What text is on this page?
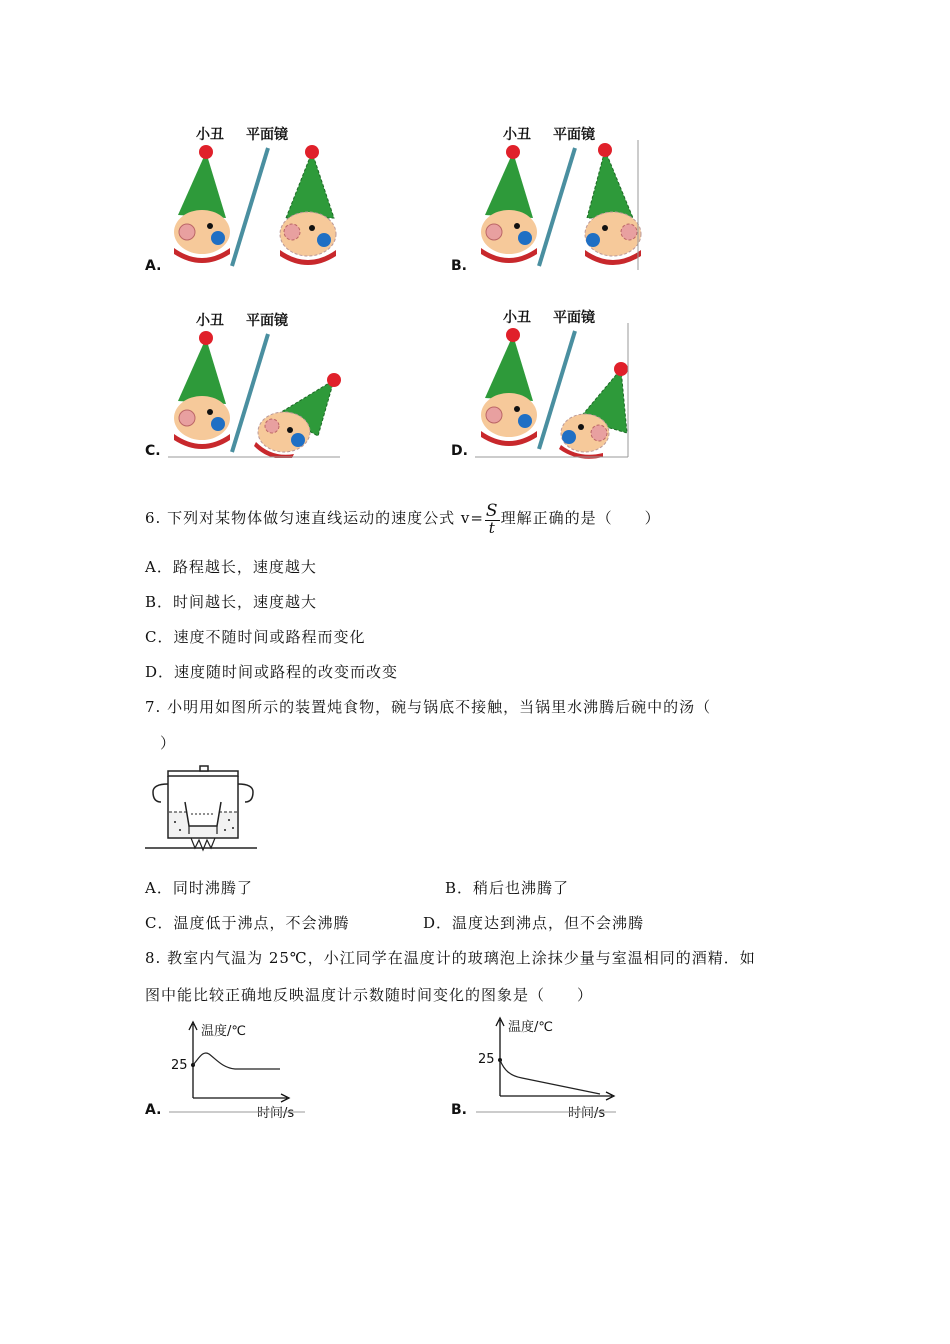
小丑 平面镜
A.
小丑 平面镜
B.
小丑 平面镜
C.
小丑 平面镜
D.
6. 下列对某物体做匀速直线运动的速度公式 $v= \frac{S}{t}$ 理解正确的是（　　）
A．路程越长，速度越大
B．时间越长，速度越大
C．速度不随时间或路程而变化
D．速度随时间或路程的改变而改变
7. 小明用如图所示的装置炖食物，碗与锅底不接触，当锅里水沸腾后碗中的汤（
）
A．同时沸腾了	B．稍后也沸腾了
C．温度低于沸点，不会沸腾	D．温度达到沸点，但不会沸腾
8. 教室内气温为 25℃，小江同学在温度计的玻璃泡上涂抹少量与室温相同的酒精．如
图中能比较正确地反映温度计示数随时间变化的图象是（　　）
温度/℃
25
时间/s
A.
温度/℃
25
时间/s
B.
